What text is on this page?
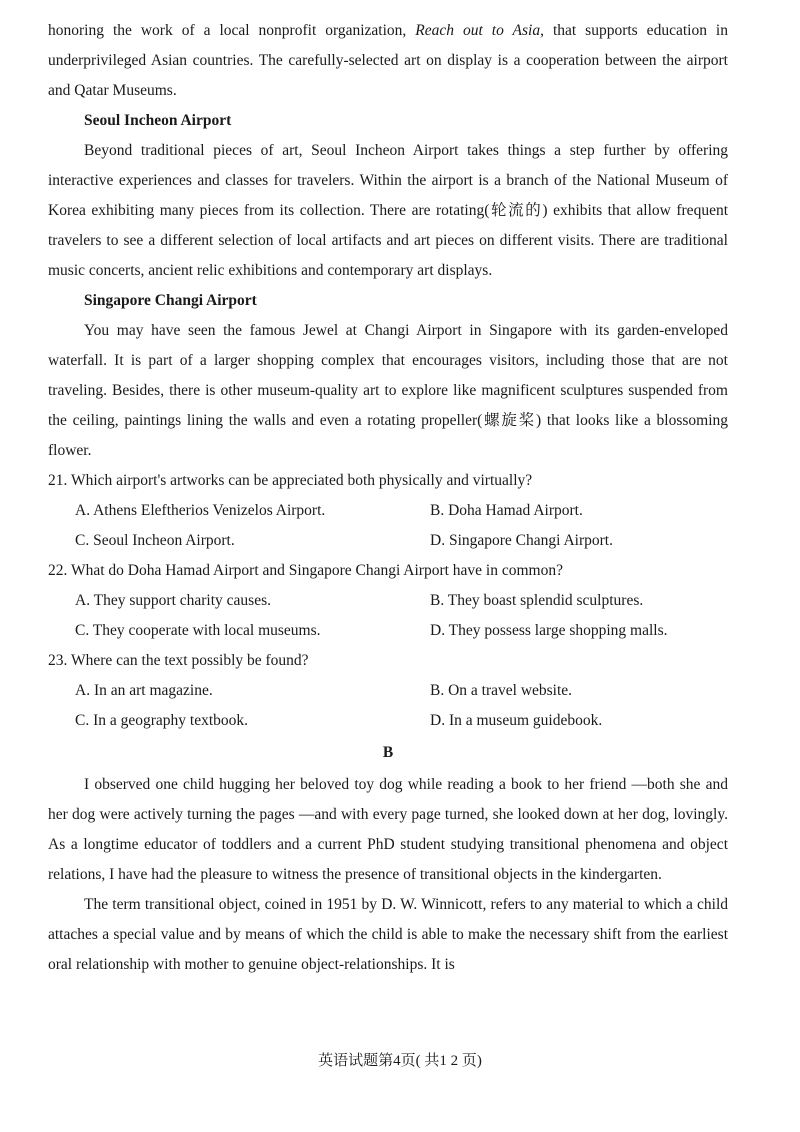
honoring the work of a local nonprofit organization, Reach out to Asia, that supports education in underprivileged Asian countries. The carefully-selected art on display is a cooperation between the airport and Qatar Museums.

Seoul Incheon Airport

Beyond traditional pieces of art, Seoul Incheon Airport takes things a step further by offering interactive experiences and classes for travelers. Within the airport is a branch of the National Museum of Korea exhibiting many pieces from its collection. There are rotating(轮流的) exhibits that allow frequent travelers to see a different selection of local artifacts and art pieces on different visits. There are traditional music concerts, ancient relic exhibitions and contemporary art displays.

Singapore Changi Airport

You may have seen the famous Jewel at Changi Airport in Singapore with its garden-enveloped waterfall. It is part of a larger shopping complex that encourages visitors, including those that are not traveling. Besides, there is other museum-quality art to explore like magnificent sculptures suspended from the ceiling, paintings lining the walls and even a rotating propeller(螺旋桨) that looks like a blossoming flower.

21. Which airport's artworks can be appreciated both physically and virtually?

A. Athens Eleftherios Venizelos Airport.	B. Doha Hamad Airport.
C. Seoul Incheon Airport.	D. Singapore Changi Airport.

22. What do Doha Hamad Airport and Singapore Changi Airport have in common?

A. They support charity causes.	B. They boast splendid sculptures.
C. They cooperate with local museums.	D. They possess large shopping malls.

23. Where can the text possibly be found?

A. In an art magazine.	B. On a travel website.
C. In a geography textbook.	D. In a museum guidebook.
B

I observed one child hugging her beloved toy dog while reading a book to her friend —both she and her dog were actively turning the pages —and with every page turned, she looked down at her dog, lovingly. As a longtime educator of toddlers and a current PhD student studying transitional phenomena and object relations, I have had the pleasure to witness the presence of transitional objects in the kindergarten.

The term transitional object, coined in 1951 by D. W. Winnicott, refers to any material to which a child attaches a special value and by means of which the child is able to make the necessary shift from the earliest oral relationship with mother to genuine object-relationships. It is

英语试题第4页( 共1 2 页)
